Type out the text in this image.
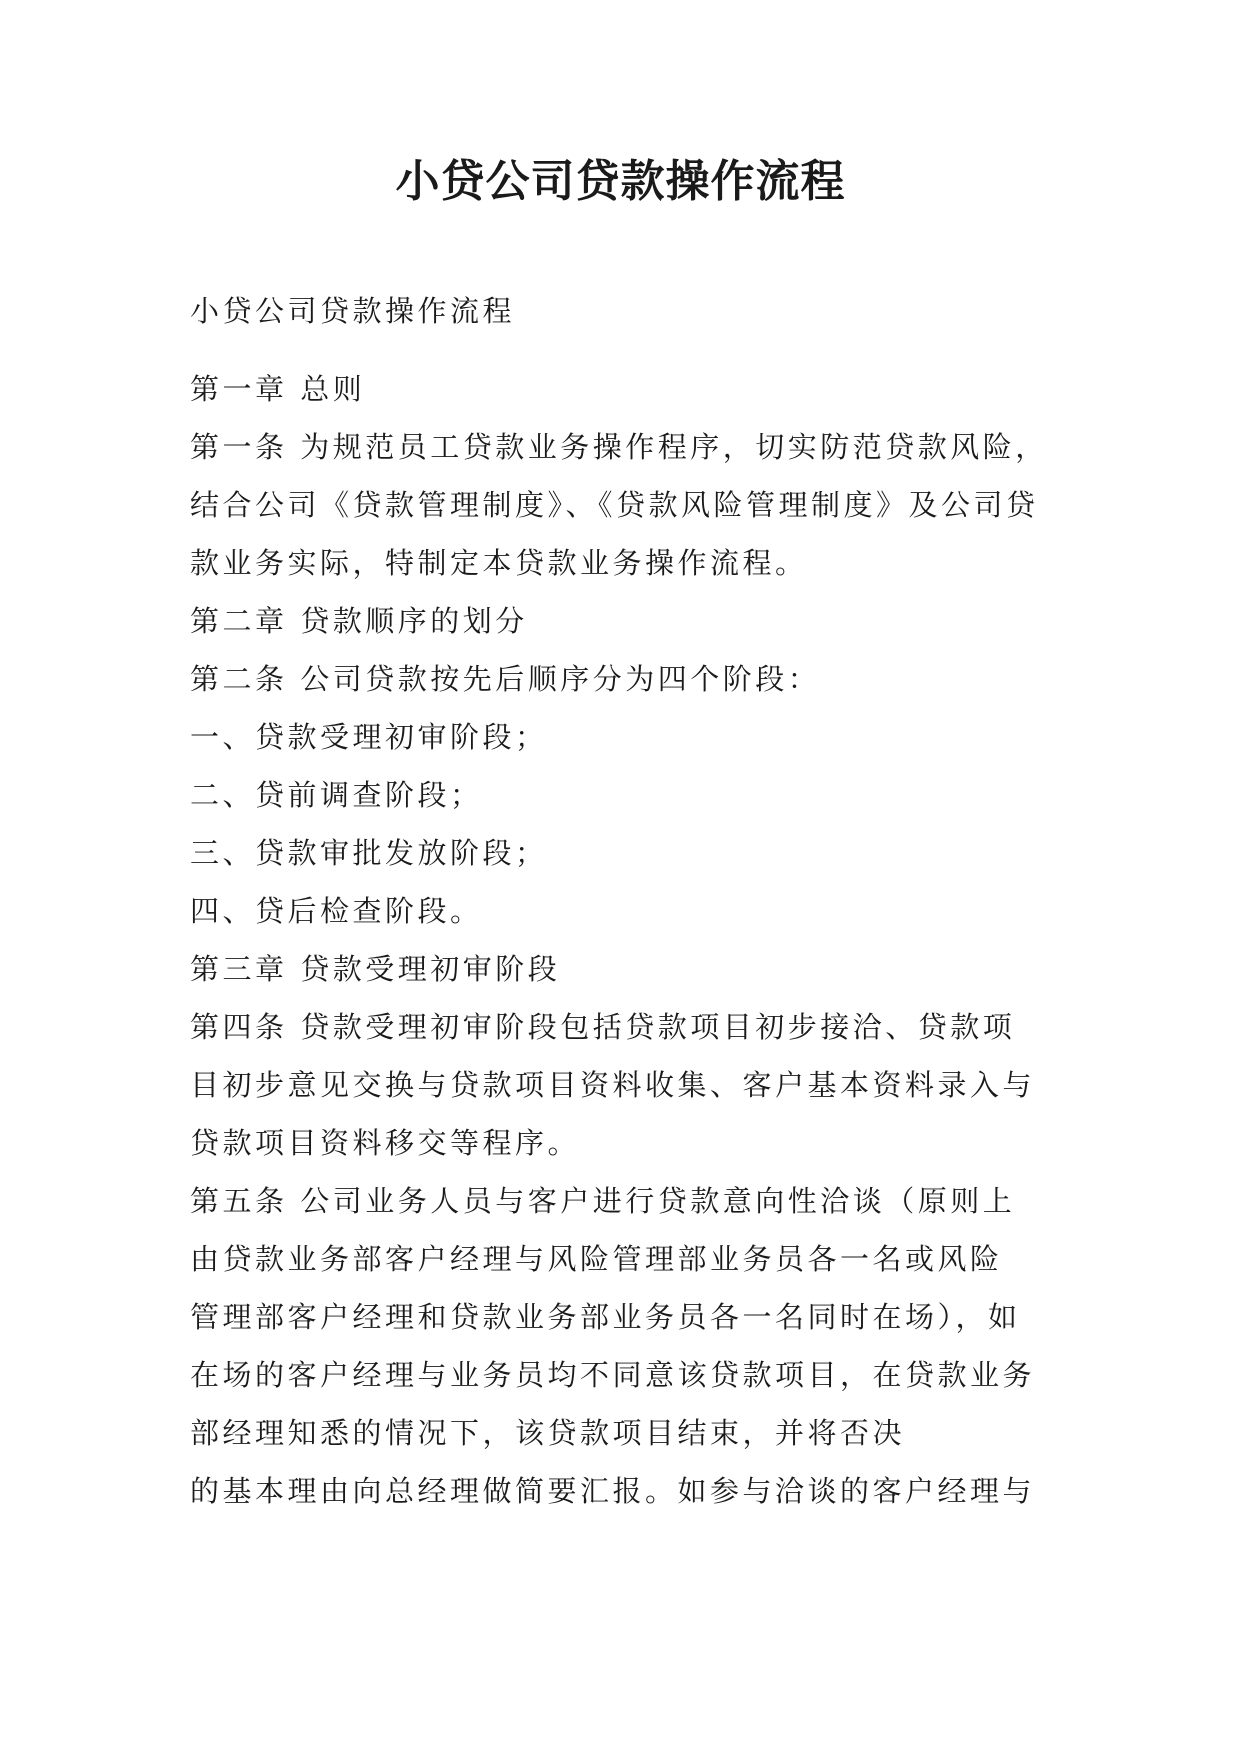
小贷公司贷款操作流程

小贷公司贷款操作流程

第一章 总则
第一条 为规范员工贷款业务操作程序，切实防范贷款风险，
结合公司《贷款管理制度》、《贷款风险管理制度》及公司贷
款业务实际，特制定本贷款业务操作流程。
第二章 贷款顺序的划分
第二条 公司贷款按先后顺序分为四个阶段：
一、贷款受理初审阶段；
二、贷前调查阶段；
三、贷款审批发放阶段；
四、贷后检查阶段。
第三章 贷款受理初审阶段
第四条 贷款受理初审阶段包括贷款项目初步接洽、贷款项
目初步意见交换与贷款项目资料收集、客户基本资料录入与
贷款项目资料移交等程序。
第五条 公司业务人员与客户进行贷款意向性洽谈（原则上
由贷款业务部客户经理与风险管理部业务员各一名或风险
管理部客户经理和贷款业务部业务员各一名同时在场），如
在场的客户经理与业务员均不同意该贷款项目，在贷款业务
部经理知悉的情况下，该贷款项目结束，并将否决
的基本理由向总经理做简要汇报。如参与洽谈的客户经理与
